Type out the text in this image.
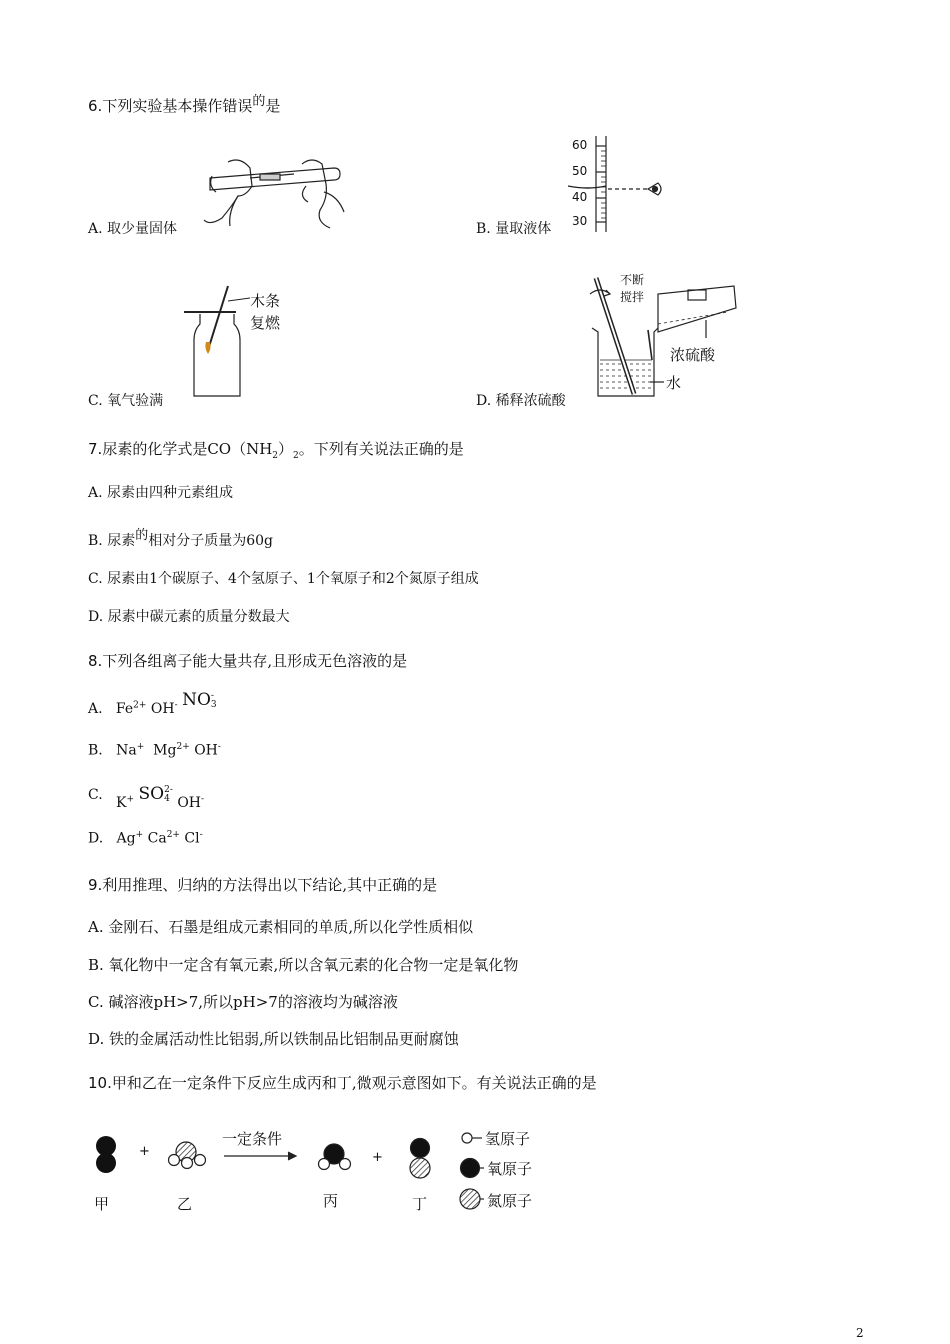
6.下列实验基本操作错误$^的$是
A. 取少量固体
60
50
40
30
B. 量取液体
木条
复燃
C. 氧气验满
不断
搅拌
浓硫酸
水
D. 稀释浓硫酸
7.尿素的化学式是$CO(NH_2)_2$。下列有关说法正确的是
A. 尿素由四种元素组成
B. 尿素$^的$相对分子质量为60g
C. 尿素由1个碳原子、4个氢原子、1个氧原子和2个氮原子组成
D. 尿素中碳元素的质量分数最大
8.下列各组离子能大量共存,且形成无色溶液的是
A. $Fe^{2+}$ OH- NO -
3
B. Na+ $Mg^{2+}$ OH-
C. K+ SO 2-
4 OH-
D. Ag+ $Ca^{2+}$ Cl-
9.利用推理、归纳的方法得出以下结论,其中正确的是
A. 金刚石、石墨是组成元素相同的单质,所以化学性质相似
B. 氧化物中一定含有氧元素,所以含氧元素的化合物一定是氧化物
C. 碱溶液pH>7,所以pH>7的溶液均为碱溶液
D. 铁的金属活动性比铝弱,所以铁制品比铝制品更耐腐蚀
10.甲和乙在一定条件下反应生成丙和丁,微观示意图如下。有关说法正确的是
+	+
一定条件
甲	乙	丙	丁
氢原子
氧原子
氮原子
2
